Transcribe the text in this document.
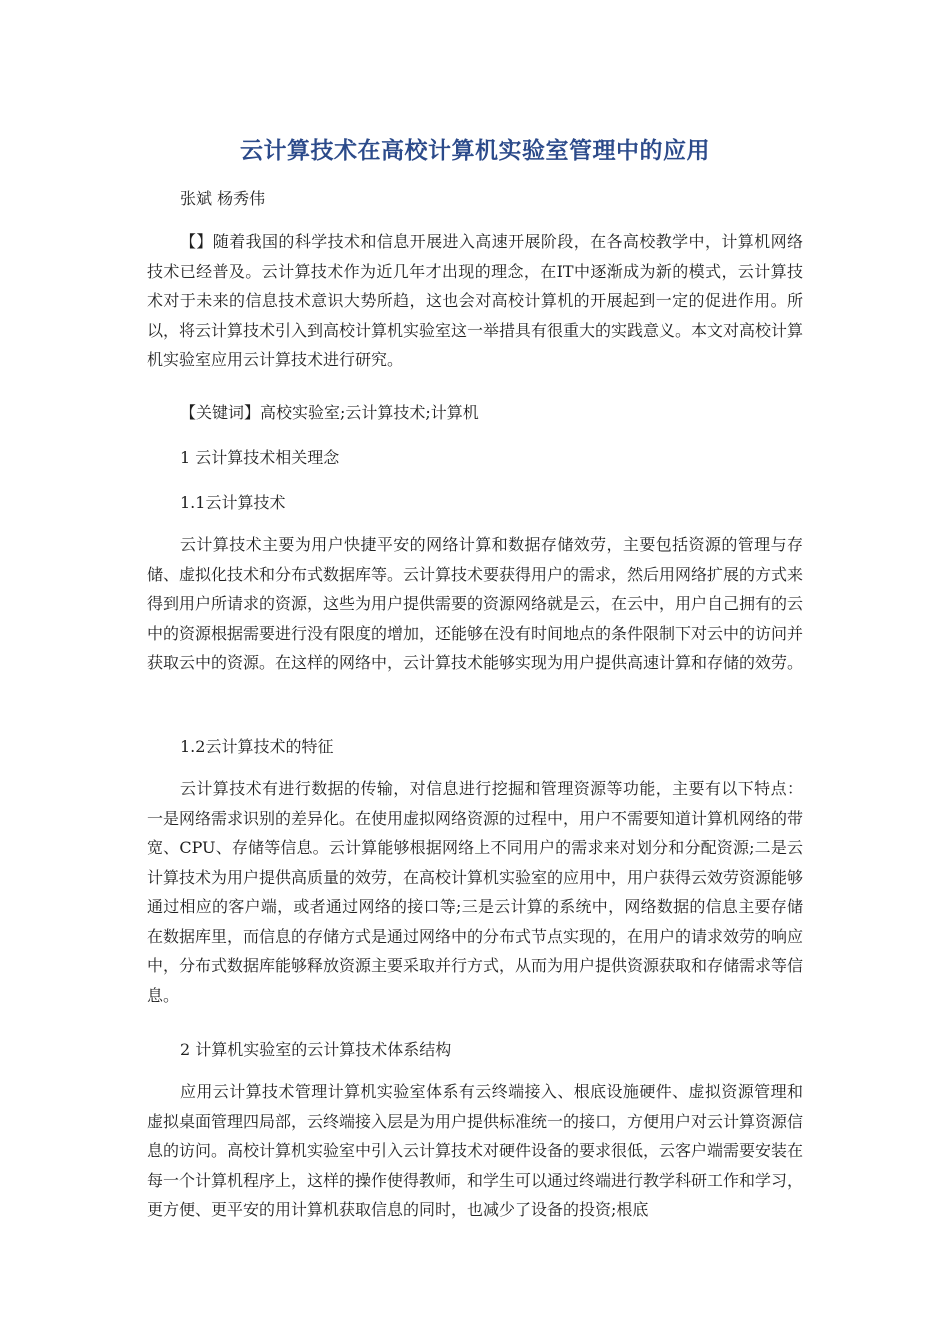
云计算技术在高校计算机实验室管理中的应用
张斌 杨秀伟

【】随着我国的科学技术和信息开展进入高速开展阶段，在各高校教学中，计算机网络技术已经普及。云计算技术作为近几年才出现的理念，在IT中逐渐成为新的模式，云计算技术对于未来的信息技术意识大势所趋，这也会对高校计算机的开展起到一定的促进作用。所以，将云计算技术引入到高校计算机实验室这一举措具有很重大的实践意义。本文对高校计算机实验室应用云计算技术进行研究。

【关键词】高校实验室;云计算技术;计算机

1 云计算技术相关理念

1.1云计算技术

云计算技术主要为用户快捷平安的网络计算和数据存储效劳，主要包括资源的管理与存储、虚拟化技术和分布式数据库等。云计算技术要获得用户的需求，然后用网络扩展的方式来得到用户所请求的资源，这些为用户提供需要的资源网络就是云，在云中，用户自己拥有的云中的资源根据需要进行没有限度的增加，还能够在没有时间地点的条件限制下对云中的访问并获取云中的资源。在这样的网络中，云计算技术能够实现为用户提供高速计算和存储的效劳。

1.2云计算技术的特征

云计算技术有进行数据的传输，对信息进行挖掘和管理资源等功能，主要有以下特点：一是网络需求识别的差异化。在使用虚拟网络资源的过程中，用户不需要知道计算机网络的带宽、CPU、存储等信息。云计算能够根据网络上不同用户的需求来对划分和分配资源;二是云计算技术为用户提供高质量的效劳，在高校计算机实验室的应用中，用户获得云效劳资源能够通过相应的客户端，或者通过网络的接口等;三是云计算的系统中，网络数据的信息主要存储在数据库里，而信息的存储方式是通过网络中的分布式节点实现的，在用户的请求效劳的响应中，分布式数据库能够释放资源主要采取并行方式，从而为用户提供资源获取和存储需求等信息。

2 计算机实验室的云计算技术体系结构

应用云计算技术管理计算机实验室体系有云终端接入、根底设施硬件、虚拟资源管理和虚拟桌面管理四局部，云终端接入层是为用户提供标准统一的接口，方便用户对云计算资源信息的访问。高校计算机实验室中引入云计算技术对硬件设备的要求很低，云客户端需要安装在每一个计算机程序上，这样的操作使得教师，和学生可以通过终端进行教学科研工作和学习，更方便、更平安的用计算机获取信息的同时，也减少了设备的投资;根底
